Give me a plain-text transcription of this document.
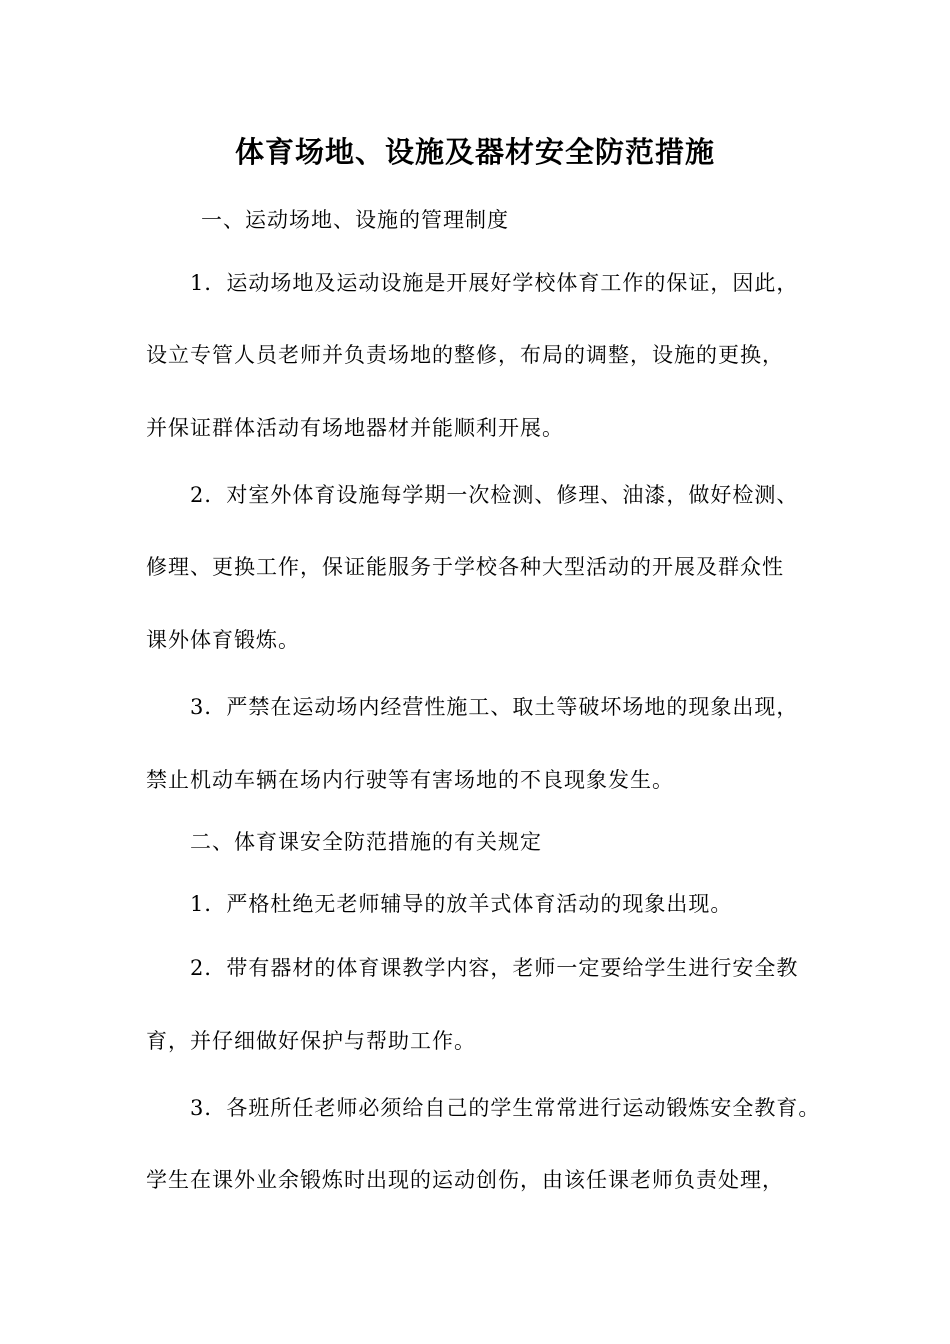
体育场地、设施及器材安全防范措施
一、运动场地、设施的管理制度
1．运动场地及运动设施是开展好学校体育工作的保证，因此，
设立专管人员老师并负责场地的整修，布局的调整，设施的更换，
并保证群体活动有场地器材并能顺利开展。
2．对室外体育设施每学期一次检测、修理、油漆，做好检测、
修理、更换工作，保证能服务于学校各种大型活动的开展及群众性
课外体育锻炼。
3．严禁在运动场内经营性施工、取土等破坏场地的现象出现，
禁止机动车辆在场内行驶等有害场地的不良现象发生。
二、体育课安全防范措施的有关规定
1．严格杜绝无老师辅导的放羊式体育活动的现象出现。
2．带有器材的体育课教学内容，老师一定要给学生进行安全教
育，并仔细做好保护与帮助工作。
3．各班所任老师必须给自己的学生常常进行运动锻炼安全教育。
学生在课外业余锻炼时出现的运动创伤，由该任课老师负责处理，
